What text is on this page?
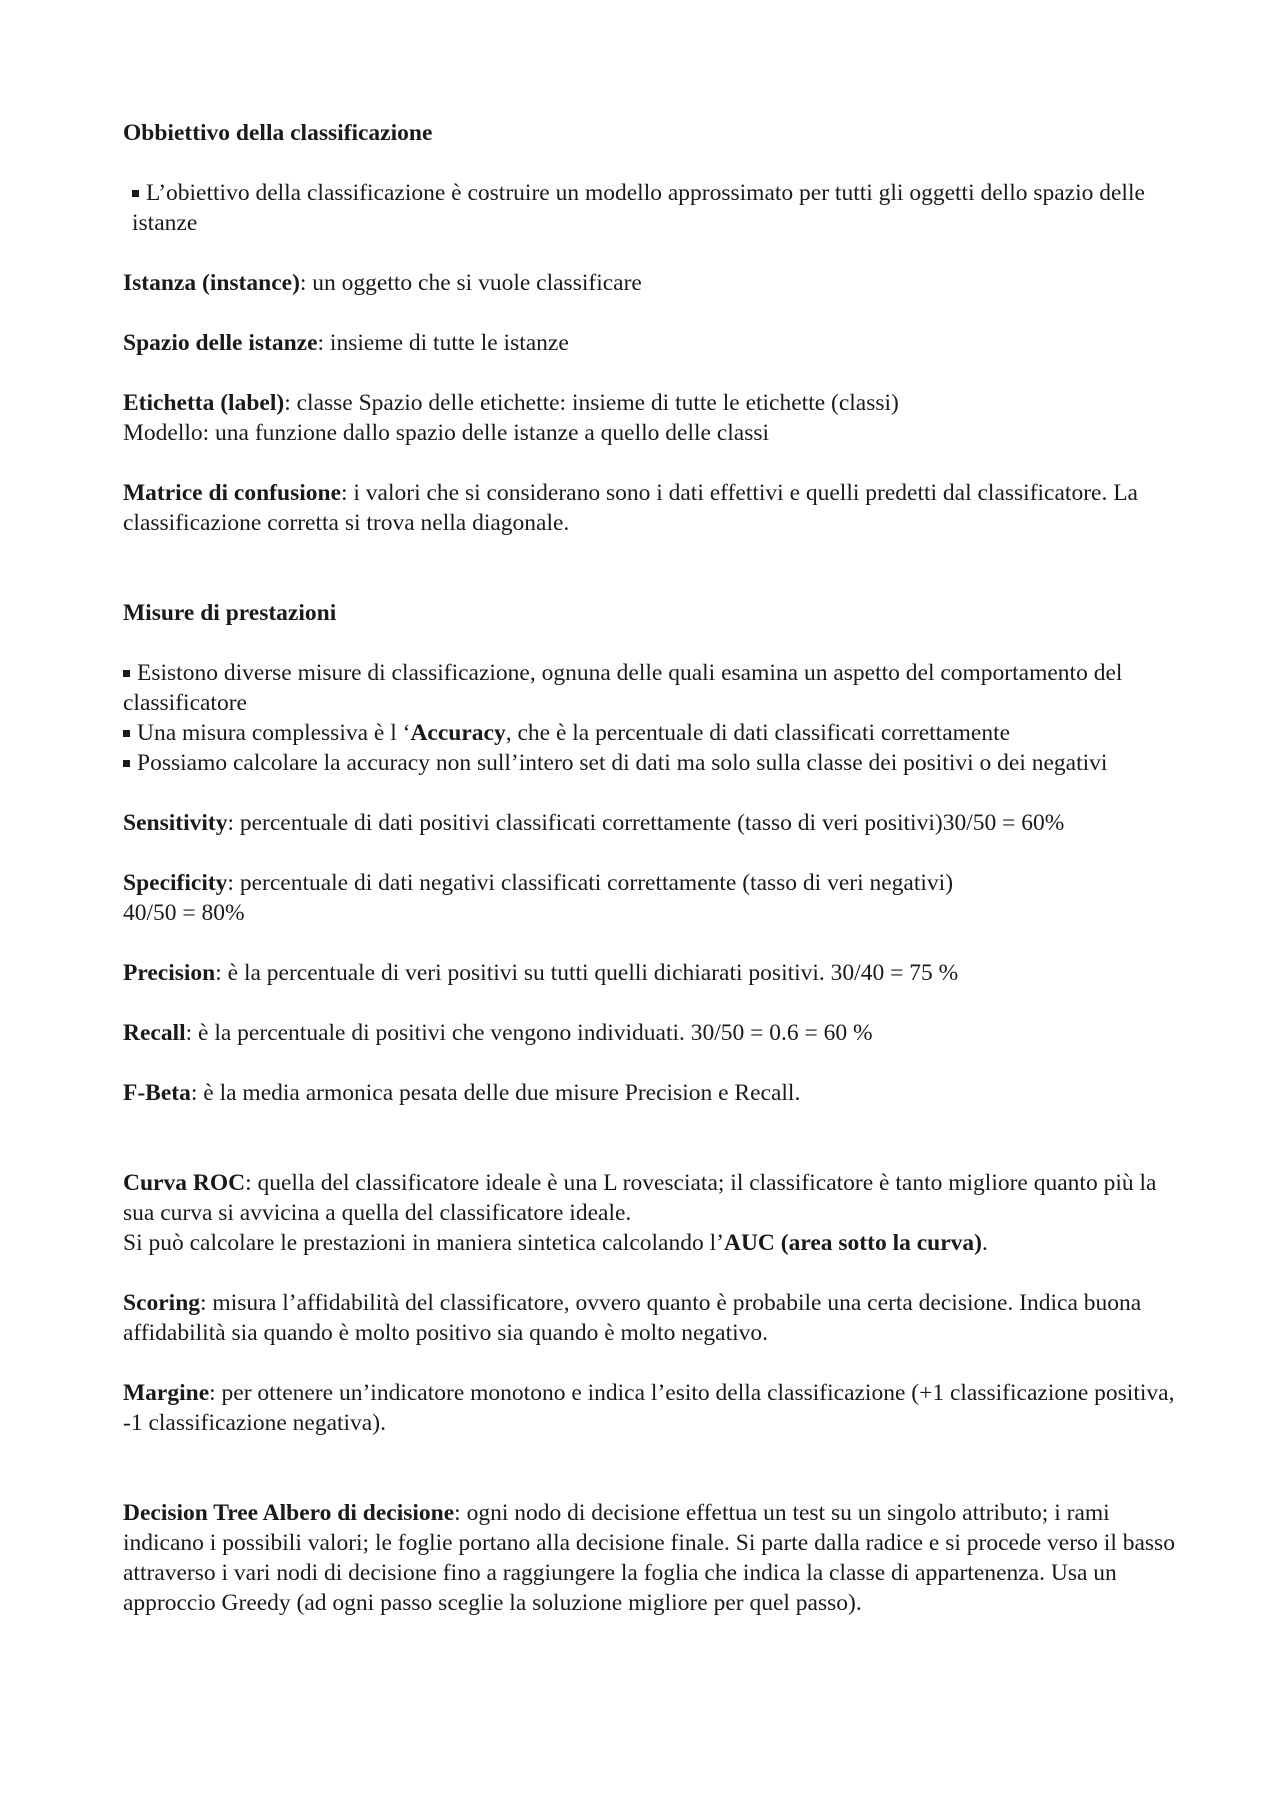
Obbiettivo della classificazione

L’obiettivo della classificazione è costruire un modello approssimato per tutti gli oggetti dello spazio delle istanze

Istanza (instance): un oggetto che si vuole classificare

Spazio delle istanze: insieme di tutte le istanze

Etichetta (label): classe Spazio delle etichette: insieme di tutte le etichette (classi)

Modello: una funzione dallo spazio delle istanze a quello delle classi

Matrice di confusione: i valori che si considerano sono i dati effettivi e quelli predetti dal classificatore. La classificazione corretta si trova nella diagonale.

Misure di prestazioni

Esistono diverse misure di classificazione, ognuna delle quali esamina un aspetto del comportamento del classificatore

Una misura complessiva è l ‘Accuracy, che è la percentuale di dati classificati correttamente

Possiamo calcolare la accuracy non sull’intero set di dati ma solo sulla classe dei positivi o dei negativi

Sensitivity: percentuale di dati positivi classificati correttamente (tasso di veri positivi)30/50 = 60%

Specificity: percentuale di dati negativi classificati correttamente (tasso di veri negativi)

40/50 = 80%

Precision: è la percentuale di veri positivi su tutti quelli dichiarati positivi. 30/40 = 75 %

Recall: è la percentuale di positivi che vengono individuati. 30/50 = 0.6 = 60 %

F-Beta: è la media armonica pesata delle due misure Precision e Recall.

Curva ROC: quella del classificatore ideale è una L rovesciata; il classificatore è tanto migliore quanto più la sua curva si avvicina a quella del classificatore ideale.

Si può calcolare le prestazioni in maniera sintetica calcolando l’AUC (area sotto la curva).

Scoring: misura l’affidabilità del classificatore, ovvero quanto è probabile una certa decisione. Indica buona affidabilità sia quando è molto positivo sia quando è molto negativo.

Margine: per ottenere un’indicatore monotono e indica l’esito della classificazione (+1 classificazione positiva, -1 classificazione negativa).

Decision Tree Albero di decisione: ogni nodo di decisione effettua un test su un singolo attributo; i rami indicano i possibili valori; le foglie portano alla decisione finale. Si parte dalla radice e si procede verso il basso attraverso i vari nodi di decisione fino a raggiungere la foglia che indica la classe di appartenenza. Usa un approccio Greedy (ad ogni passo sceglie la soluzione migliore per quel passo).
